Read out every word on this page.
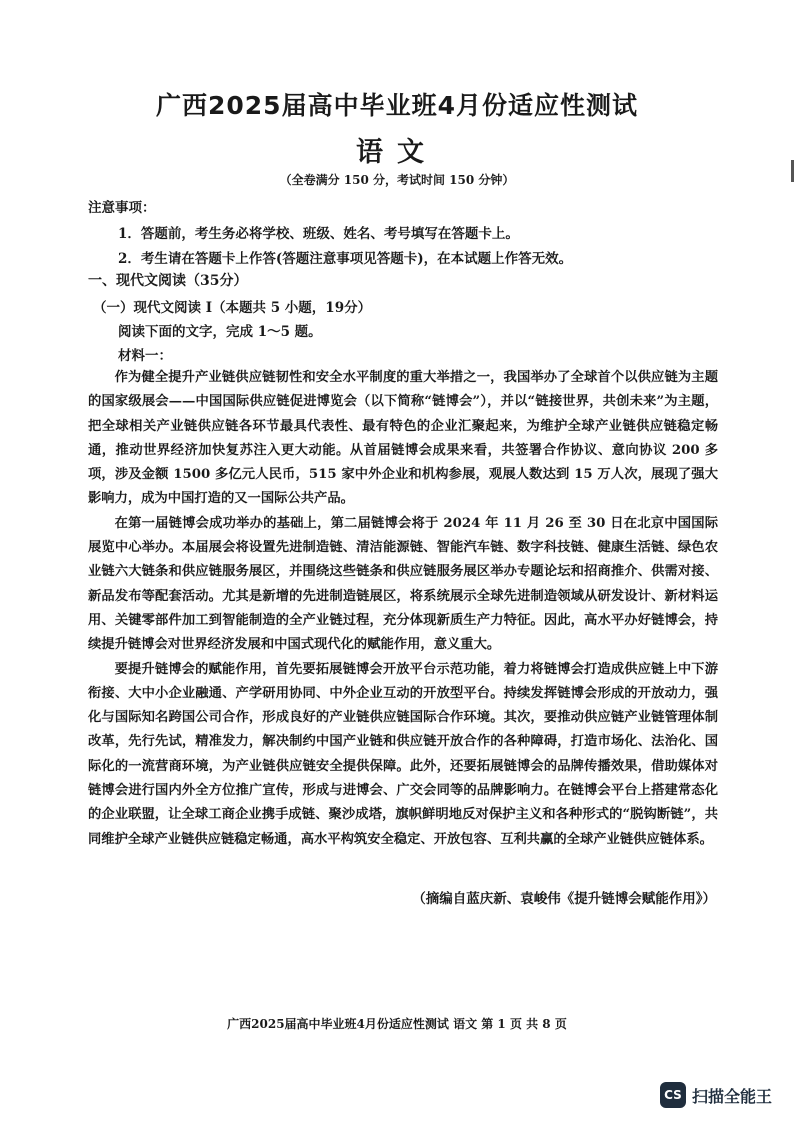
广西2025届高中毕业班4月份适应性测试
语文
（全卷满分 150 分，考试时间 150 分钟）
注意事项：
1．答题前，考生务必将学校、班级、姓名、考号填写在答题卡上。
2．考生请在答题卡上作答(答题注意事项见答题卡)，在本试题上作答无效。
一、现代文阅读（35分）
（一）现代文阅读 I（本题共 5 小题，19分）
阅读下面的文字，完成 1～5 题。
材料一：

作为健全提升产业链供应链韧性和安全水平制度的重大举措之一，我国举办了全球首个以供应链为主题的国家级展会——中国国际供应链促进博览会（以下简称“链博会”），并以“链接世界，共创未来”为主题，把全球相关产业链供应链各环节最具代表性、最有特色的企业汇聚起来，为维护全球产业链供应链稳定畅通，推动世界经济加快复苏注入更大动能。从首届链博会成果来看，共签署合作协议、意向协议 200 多项，涉及金额 1500 多亿元人民币，515 家中外企业和机构参展，观展人数达到 15 万人次，展现了强大影响力，成为中国打造的又一国际公共产品。

在第一届链博会成功举办的基础上，第二届链博会将于 2024 年 11 月 26 至 30 日在北京中国国际展览中心举办。本届展会将设置先进制造链、清洁能源链、智能汽车链、数字科技链、健康生活链、绿色农业链六大链条和供应链服务展区，并围绕这些链条和供应链服务展区举办专题论坛和招商推介、供需对接、新品发布等配套活动。尤其是新增的先进制造链展区，将系统展示全球先进制造领域从研发设计、新材料运用、关键零部件加工到智能制造的全产业链过程，充分体现新质生产力特征。因此，高水平办好链博会，持续提升链博会对世界经济发展和中国式现代化的赋能作用，意义重大。

要提升链博会的赋能作用，首先要拓展链博会开放平台示范功能，着力将链博会打造成供应链上中下游衔接、大中小企业融通、产学研用协同、中外企业互动的开放型平台。持续发挥链博会形成的开放动力，强化与国际知名跨国公司合作，形成良好的产业链供应链国际合作环境。其次，要推动供应链产业链管理体制改革，先行先试，精准发力，解决制约中国产业链和供应链开放合作的各种障碍，打造市场化、法治化、国际化的一流营商环境，为产业链供应链安全提供保障。此外，还要拓展链博会的品牌传播效果，借助媒体对链博会进行国内外全方位推广宣传，形成与进博会、广交会同等的品牌影响力。在链博会平台上搭建常态化的企业联盟，让全球工商企业携手成链、聚沙成塔，旗帜鲜明地反对保护主义和各种形式的“脱钩断链”，共同维护全球产业链供应链稳定畅通，高水平构筑安全稳定、开放包容、互利共赢的全球产业链供应链体系。

（摘编自蓝庆新、袁峻伟《提升链博会赋能作用》）
广西2025届高中毕业班4月份适应性测试 语文 第 1 页 共 8 页
CS 扫描全能王
